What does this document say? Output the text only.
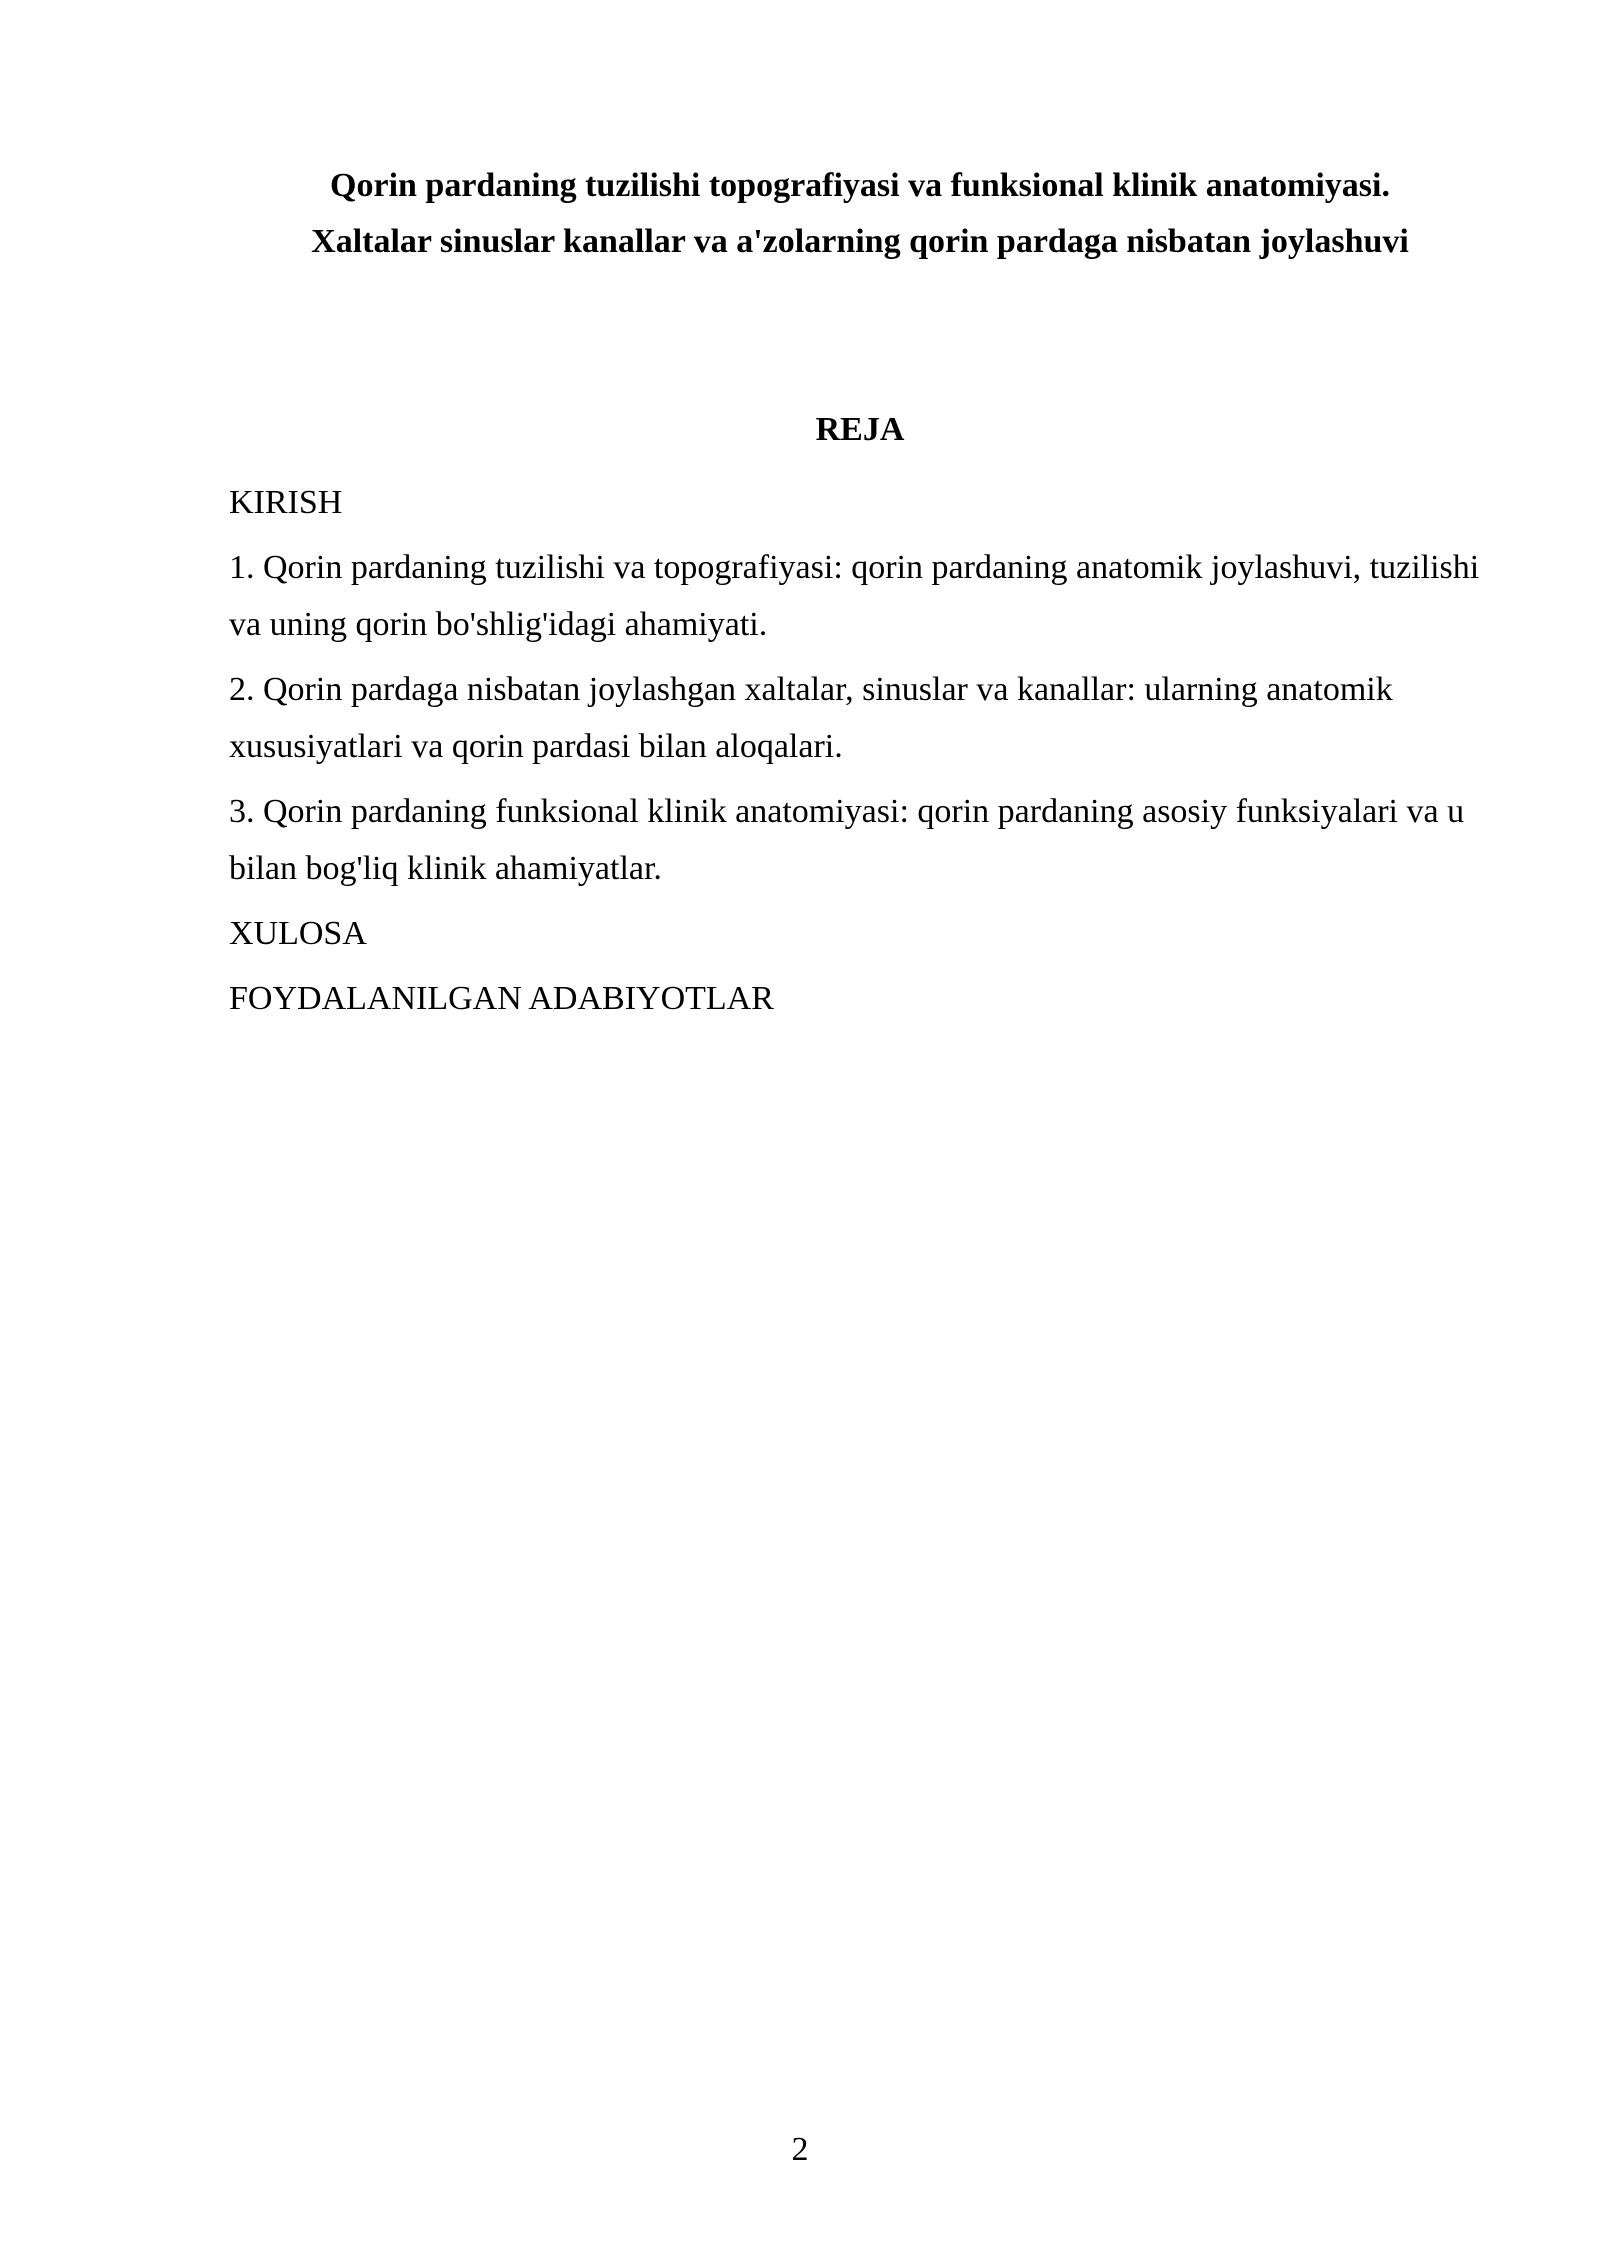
Qorin pardaning tuzilishi topografiyasi va funksional klinik anatomiyasi.
Xaltalar sinuslar kanallar va a'zolarning qorin pardaga nisbatan joylashuvi
REJA
KIRISH
1. Qorin pardaning tuzilishi va topografiyasi: qorin pardaning anatomik joylashuvi, tuzilishi va uning qorin bo'shlig'idagi ahamiyati.
2. Qorin pardaga nisbatan joylashgan xaltalar, sinuslar va kanallar: ularning anatomik xususiyatlari va qorin pardasi bilan aloqalari.
3. Qorin pardaning funksional klinik anatomiyasi: qorin pardaning asosiy funksiyalari va u bilan bog'liq klinik ahamiyatlar.
XULOSA
FOYDALANILGAN ADABIYOTLAR
2
